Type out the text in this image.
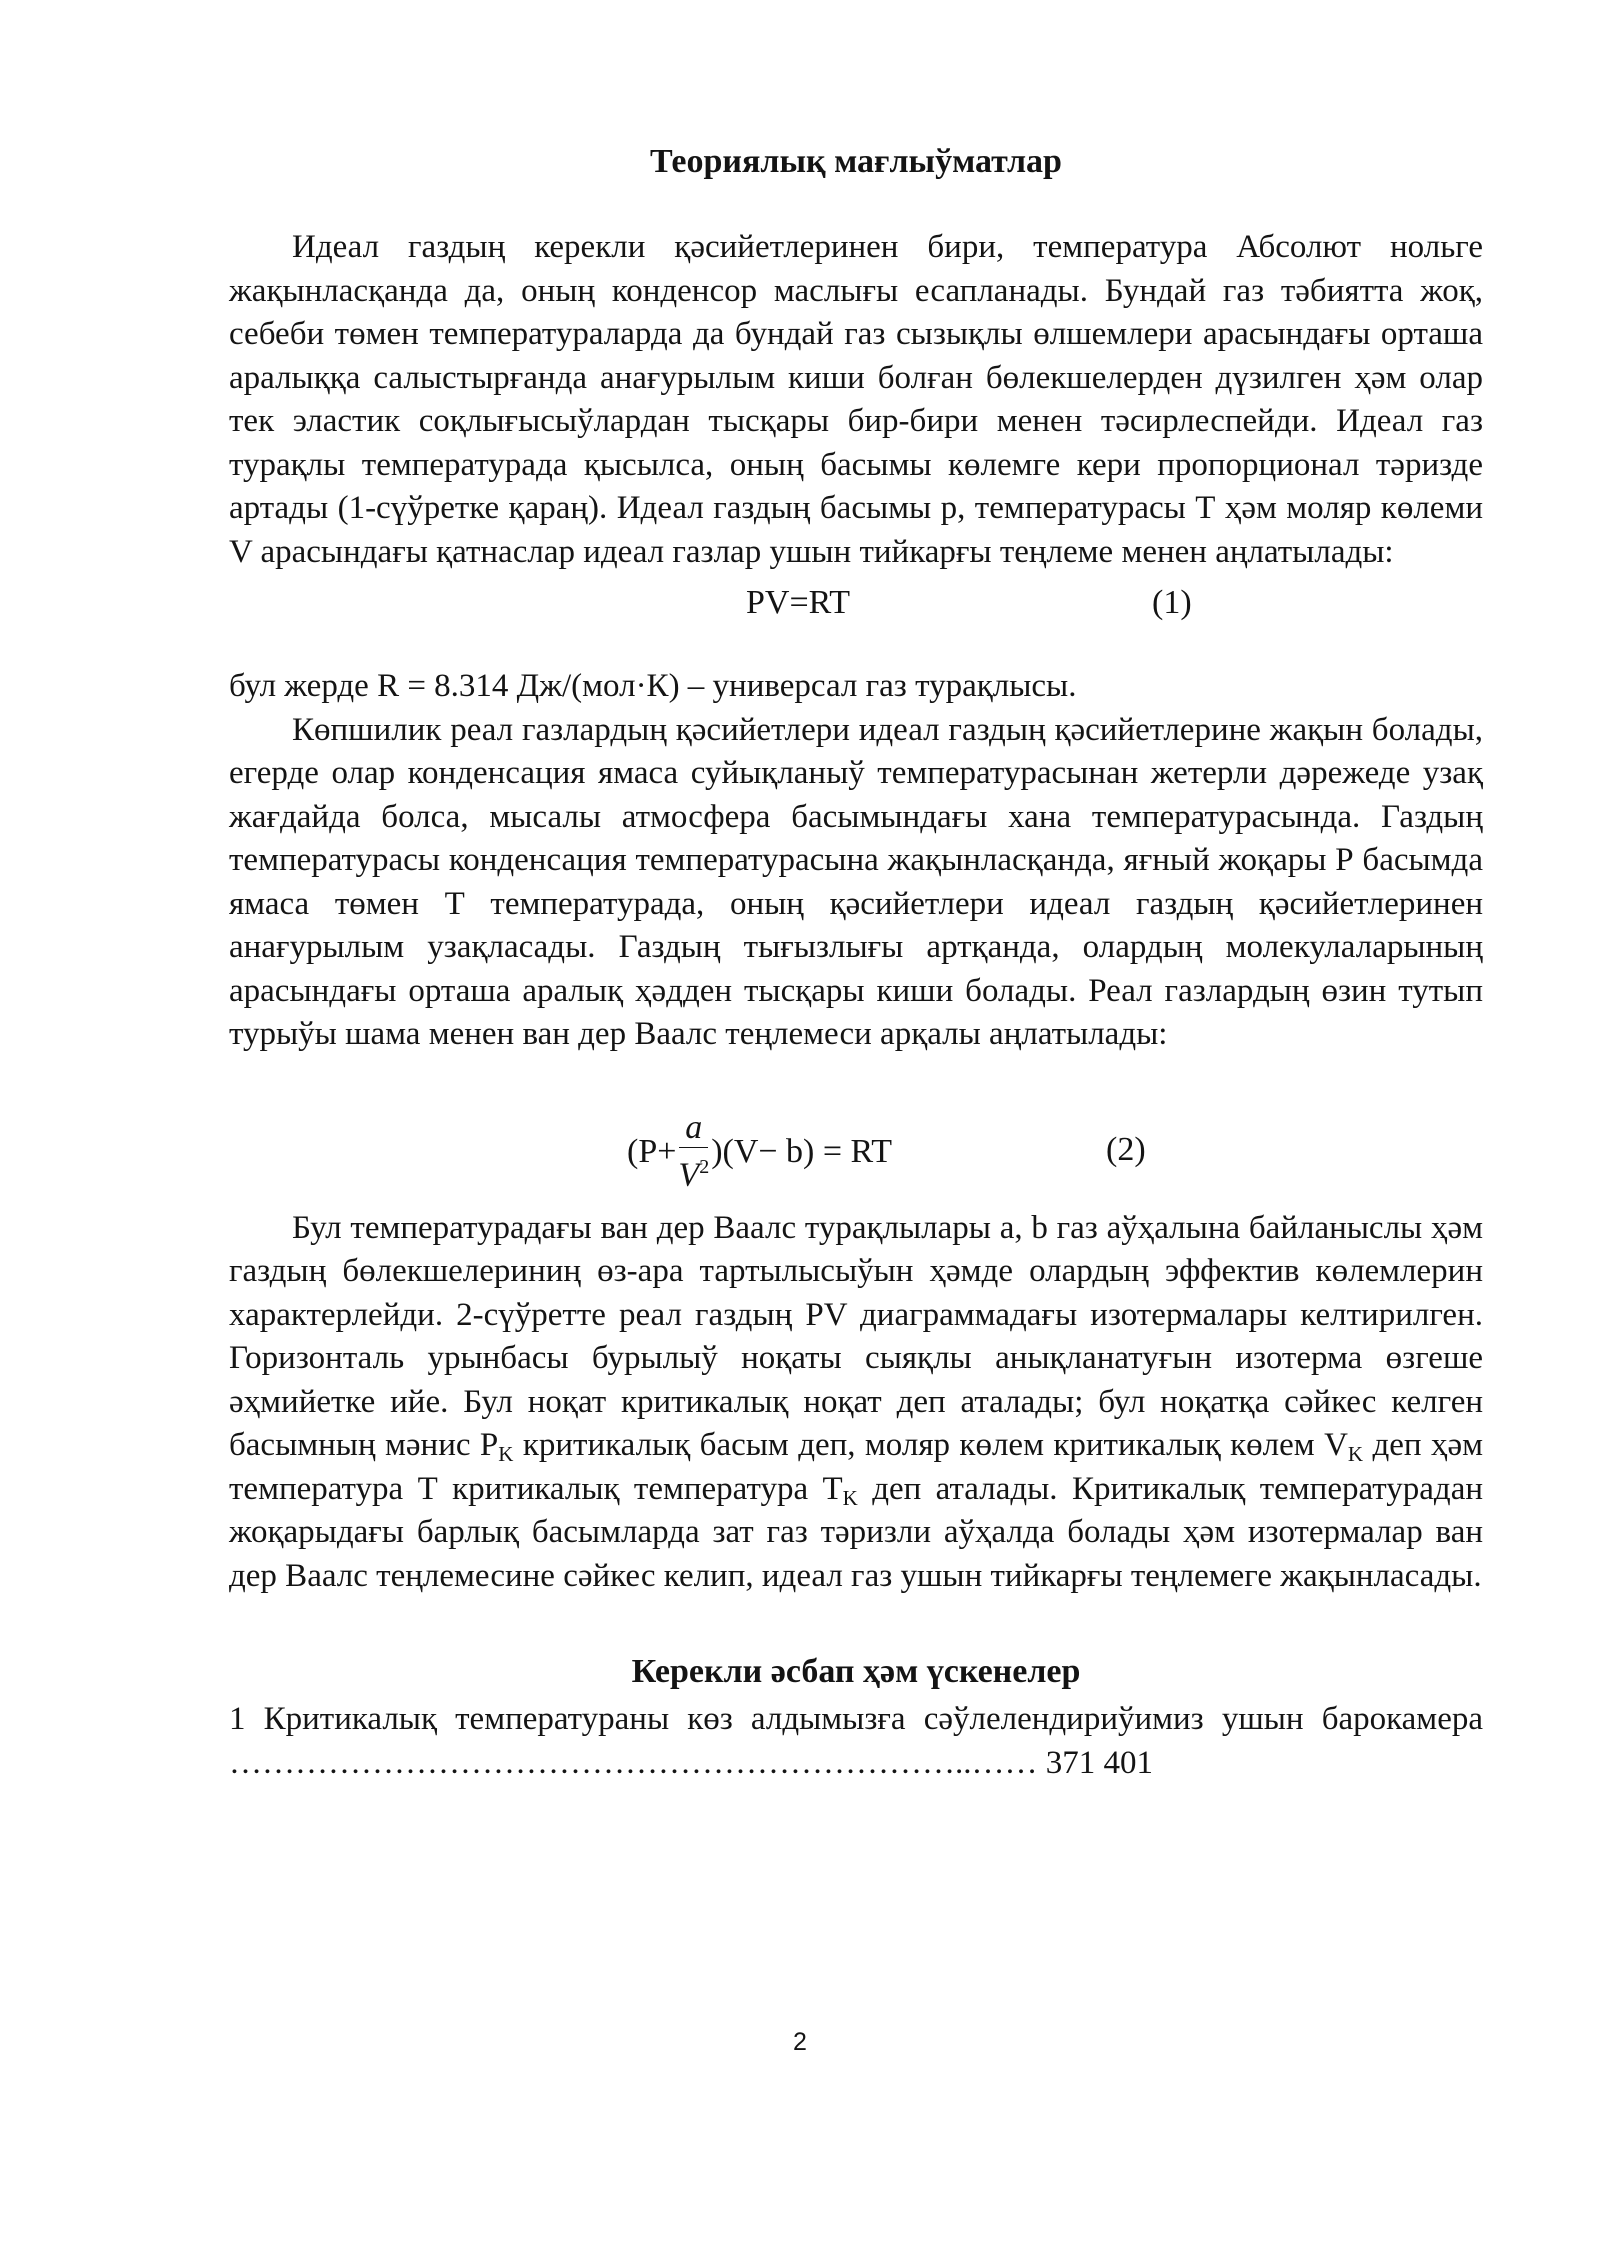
Теориялық мағлыўматлар

Идеал газдың керекли қәсийетлеринен бири, температура Абсолют нольге жақынласқанда да, оның конденсор маслығы есапланады. Бундай газ тәбиятта жоқ, себеби төмен температураларда да бундай газ сызықлы өлшемлери арасындағы орташа аралыққа салыстырғанда анағурылым киши болған бөлекшелерден дүзилген ҳәм олар тек эластик соқлығысыўлардан тысқары бир-бири менен тәсирлеспейди. Идеал газ турақлы температурада қысылса, оның басымы көлемге кери пропорционал тәризде артады (1-сүўретке қараң). Идеал газдың басымы р, температурасы Т ҳәм моляр көлеми V арасындағы қатнаслар идеал газлар ушын тийкарғы теңлеме менен аңлатылады:

PV=RT	(1)

бул жерде R = 8.314 Дж/(мол·К) – универсал газ турақлысы.

Көпшилик реал газлардың қәсийетлери идеал газдың қәсийетлерине жақын болады, егерде олар конденсация ямаса суйықланыў температурасынан жетерли дәрежеде узақ жағдайда болса, мысалы атмосфера басымындағы хана температурасында. Газдың температурасы конденсация температурасына жақынласқанда, яғный жоқары Р басымда ямаса төмен Т температурада, оның қәсийетлери идеал газдың қәсийетлеринен анағурылым узақласады. Газдың тығызлығы артқанда, олардың молекулаларының арасындағы орташа аралық ҳәдден тысқары киши болады. Реал газлардың өзин тутып турыўы шама менен ван дер Ваалс теңлемеси арқалы аңлатылады:

$(P+ \frac{a}{V^2} )(V- b)$ = RT	(2)

Бул температурадағы ван дер Ваалс турақлылары a, b газ аўҳалына байланыслы ҳәм газдың бөлекшелериниң өз-ара тартылысыўын ҳәмде олардың эффектив көлемлерин характерлейди. 2-сүўретте реал газдың PV диаграммадағы изотермалары келтирилген. Горизонталь урынбасы бурылыў ноқаты сыяқлы анықланатуғын изотерма өзгеше әҳмийетке ийе. Бул ноқат критикалық ноқат деп аталады; бул ноқатқа сәйкес келген басымның мәнис $P_K$ критикалық басым деп, моляр көлем критикалық көлем $V_K$ деп ҳәм температура Т критикалық температура $T_K$ деп аталады. Критикалық температурадан жоқарыдағы барлық басымларда зат газ тәризли аўҳалда болады ҳәм изотермалар ван дер Ваалс теңлемесине сәйкес келип, идеал газ ушын тийкарғы теңлемеге жақынласады.

Керекли әсбап ҳәм үскенелер

1 Критикалық температураны көз алдымызға сәўлелендириўимиз ушын барокамера …………………………………………………………..…… 371 401

2
